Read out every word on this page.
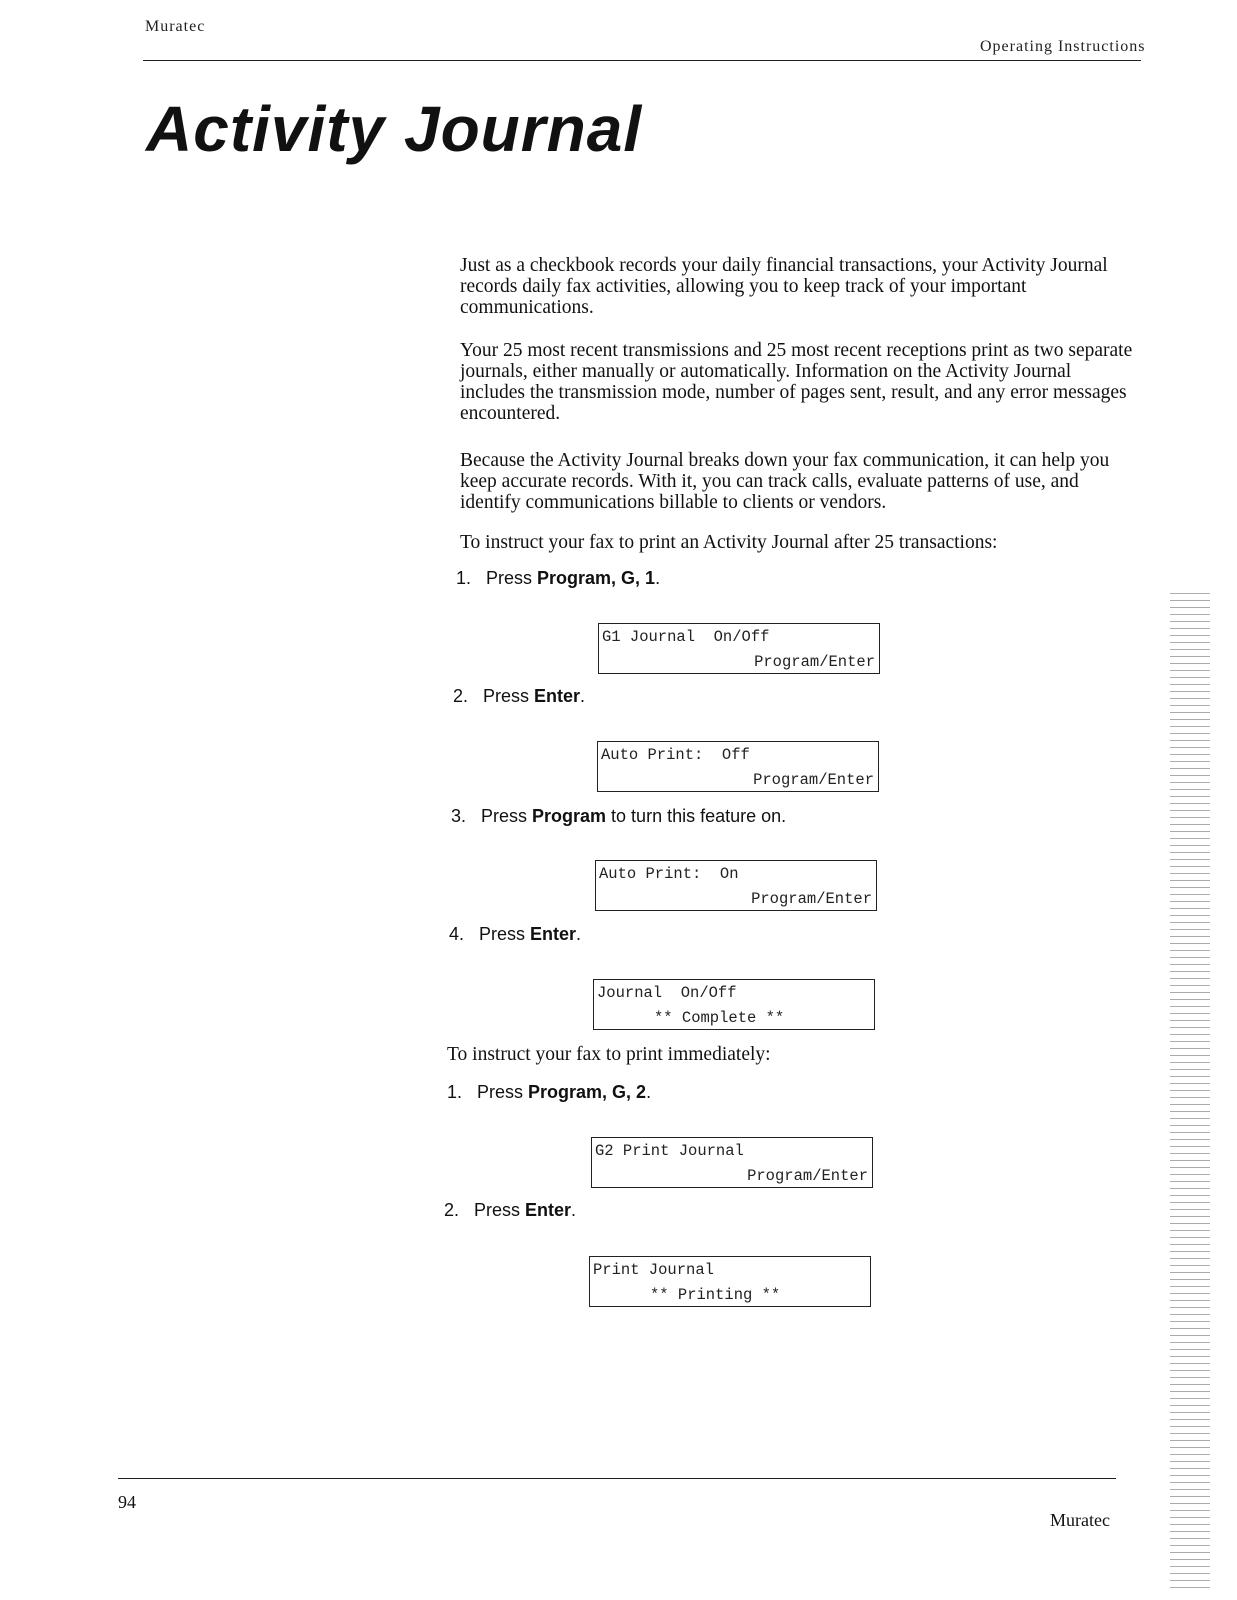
Muratec
Operating Instructions
Activity Journal

Just as a checkbook records your daily financial transactions, your Activity Journal records daily fax activities, allowing you to keep track of your important communications.

Your 25 most recent transmissions and 25 most recent receptions print as two separate journals, either manually or automatically. Information on the Activity Journal includes the transmission mode, number of pages sent, result, and any error messages encountered.

Because the Activity Journal breaks down your fax communication, it can help you keep accurate records. With it, you can track calls, evaluate patterns of use, and identify communications billable to clients or vendors.

To instruct your fax to print an Activity Journal after 25 transactions:

1. Press Program, G, 1.
G1 Journal  On/Off
Program/Enter
2. Press Enter.
Auto Print:  Off
Program/Enter
3. Press Program to turn this feature on.
Auto Print:  On
Program/Enter
4. Press Enter.
Journal  On/Off
** Complete **

To instruct your fax to print immediately:

1. Press Program, G, 2.
G2 Print Journal
Program/Enter
2. Press Enter.
Print Journal
** Printing **
94
Muratec
